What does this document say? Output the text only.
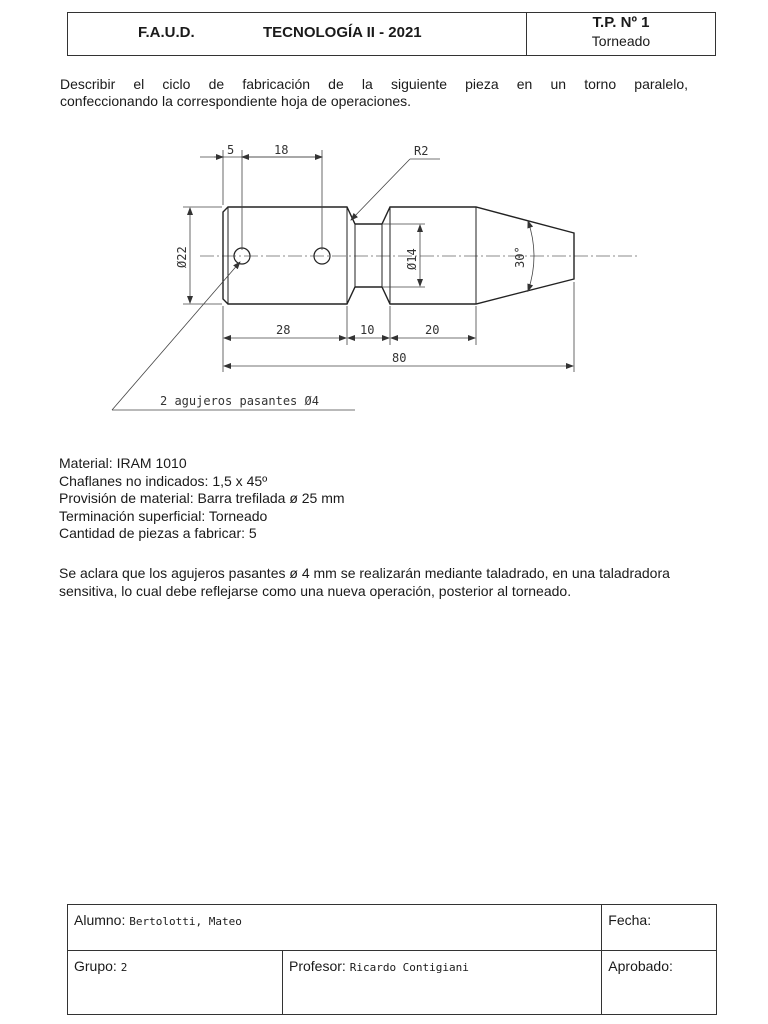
F.A.U.D.	TECNOLOGÍA II - 2021
T.P. Nº 1
Torneado
Describir el ciclo de fabricación de la siguiente pieza en un torno paralelo,
confeccionando la correspondiente hoja de operaciones.
5	18	R2
Ø22	Ø14	30°
28	10	20
80
2 agujeros pasantes Ø4
Material: IRAM 1010
Chaflanes no indicados: 1,5 x 45º
Provisión de material: Barra trefilada ø 25 mm
Terminación superficial: Torneado
Cantidad de piezas a fabricar: 5
Se aclara que los agujeros pasantes ø 4 mm se realizarán mediante taladrado, en una taladradora sensitiva, lo cual debe reflejarse como una nueva operación, posterior al torneado.
Alumno: Bertolotti, Mateo		Fecha:
Grupo: 2	Profesor: Ricardo Contigiani	Aprobado:
